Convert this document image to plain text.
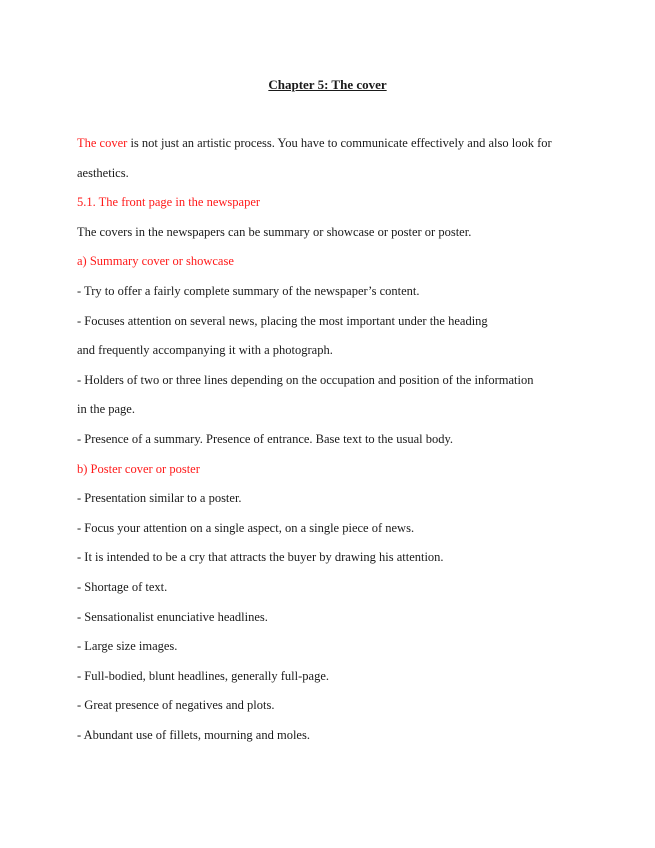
Chapter 5: The cover
The cover is not just an artistic process. You have to communicate effectively and also look for
aesthetics.
5.1. The front page in the newspaper
The covers in the newspapers can be summary or showcase or poster or poster.
a) Summary cover or showcase
- Try to offer a fairly complete summary of the newspaper’s content.
- Focuses attention on several news, placing the most important under the heading
and frequently accompanying it with a photograph.
- Holders of two or three lines depending on the occupation and position of the information
in the page.
- Presence of a summary. Presence of entrance. Base text to the usual body.
b) Poster cover or poster
- Presentation similar to a poster.
- Focus your attention on a single aspect, on a single piece of news.
- It is intended to be a cry that attracts the buyer by drawing his attention.
- Shortage of text.
- Sensationalist enunciative headlines.
- Large size images.
- Full-bodied, blunt headlines, generally full-page.
- Great presence of negatives and plots.
- Abundant use of fillets, mourning and moles.
